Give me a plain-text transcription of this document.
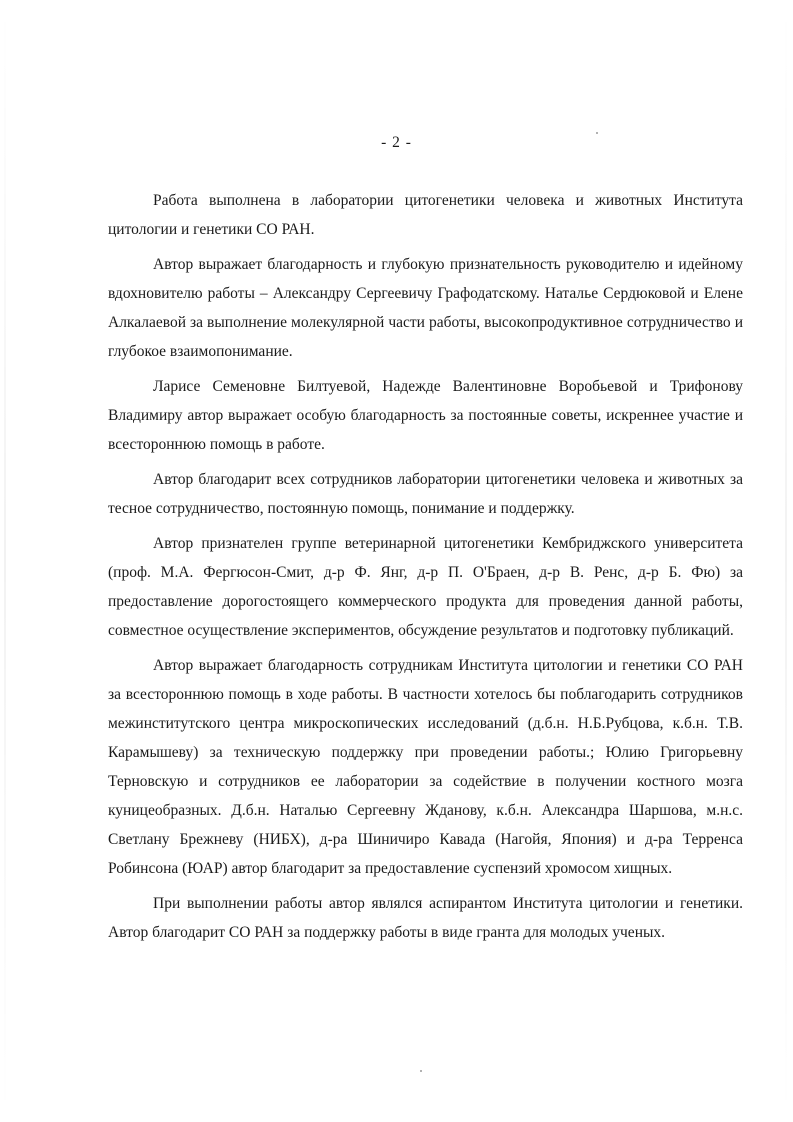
- 2 -

Работа выполнена в лаборатории цитогенетики человека и животных Института цитологии и генетики СО РАН.

Автор выражает благодарность и глубокую признательность руководителю и идейному вдохновителю работы – Александру Сергеевичу Графодатскому. Наталье Сердюковой и Елене Алкалаевой за выполнение молекулярной части работы, высокопродуктивное сотрудничество и глубокое взаимопонимание.

Ларисе Семеновне Билтуевой, Надежде Валентиновне Воробьевой и Трифонову Владимиру автор выражает особую благодарность за постоянные советы, искреннее участие и всестороннюю помощь в работе.

Автор благодарит всех сотрудников лаборатории цитогенетики человека и животных за тесное сотрудничество, постоянную помощь, понимание и поддержку.

Автор признателен группе ветеринарной цитогенетики Кембриджского университета (проф. М.А. Фергюсон-Смит, д-р Ф. Янг, д-р П. О'Браен, д-р В. Ренс, д-р Б. Фю) за предоставление дорогостоящего коммерческого продукта для проведения данной работы, совместное осуществление экспериментов, обсуждение результатов и подготовку публикаций.

Автор выражает благодарность сотрудникам Института цитологии и генетики СО РАН за всестороннюю помощь в ходе работы. В частности хотелось бы поблагодарить сотрудников межинститутского центра микроскопических исследований (д.б.н. Н.Б.Рубцова, к.б.н. Т.В. Карамышеву) за техническую поддержку при проведении работы.; Юлию Григорьевну Терновскую и сотрудников ее лаборатории за содействие в получении костного мозга куницеобразных. Д.б.н. Наталью Сергеевну Жданову, к.б.н. Александра Шаршова, м.н.с. Светлану Брежневу (НИБХ), д-ра Шиничиро Кавада (Нагойя, Япония) и д-ра Терренса Робинсона (ЮАР) автор благодарит за предоставление суспензий хромосом хищных.

При выполнении работы автор являлся аспирантом Института цитологии и генетики. Автор благодарит СО РАН за поддержку работы в виде гранта для молодых ученых.
